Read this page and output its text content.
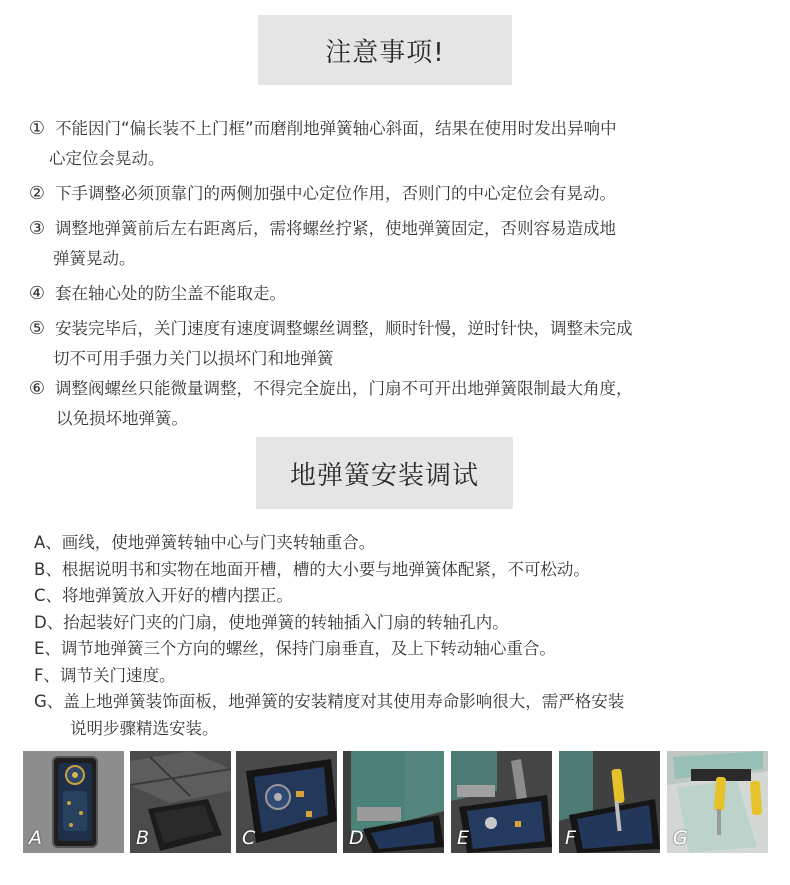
注意事项!
① 不能因门“偏长装不上门框”而磨削地弹簧轴心斜面，结果在使用时发出异响中
心定位会晃动。
② 下手调整必须顶靠门的两侧加强中心定位作用，否则门的中心定位会有晃动。
③ 调整地弹簧前后左右距离后，需将螺丝拧紧，使地弹簧固定，否则容易造成地
弹簧晃动。
④ 套在轴心处的防尘盖不能取走。
⑤ 安装完毕后，关门速度有速度调整螺丝调整，顺时针慢，逆时针快，调整未完成
切不可用手强力关门以损坏门和地弹簧
⑥ 调整阀螺丝只能微量调整，不得完全旋出，门扇不可开出地弹簧限制最大角度，
以免损坏地弹簧。
地弹簧安装调试
A、画线，使地弹簧转轴中心与门夹转轴重合。
B、根据说明书和实物在地面开槽，槽的大小要与地弹簧体配紧，不可松动。
C、将地弹簧放入开好的槽内摆正。
D、抬起装好门夹的门扇，使地弹簧的转轴插入门扇的转轴孔内。
E、调节地弹簧三个方向的螺丝，保持门扇垂直，及上下转动轴心重合。
F、调节关门速度。
G、盖上地弹簧装饰面板，地弹簧的安装精度对其使用寿命影响很大，需严格安装
说明步骤精选安装。
A	B	C	D	E	F	G
